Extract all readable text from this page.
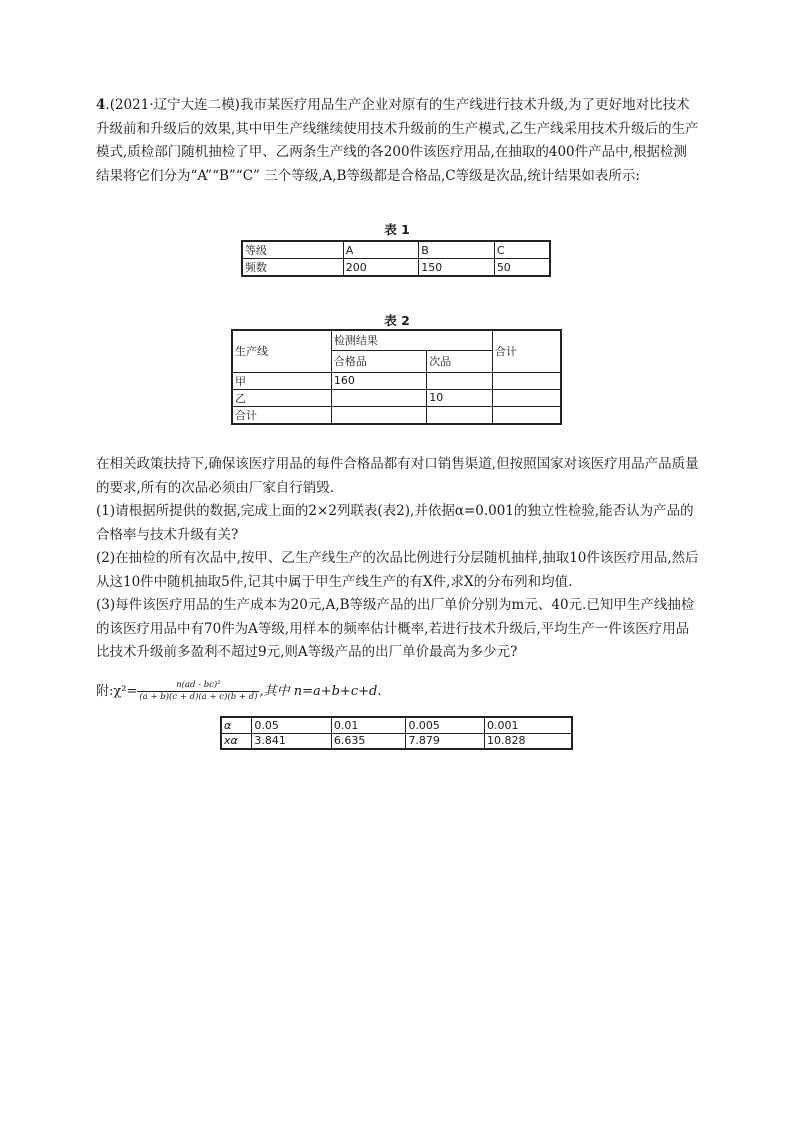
4.(2021·辽宁大连二模)我市某医疗用品生产企业对原有的生产线进行技术升级,为了更好地对比技术升级前和升级后的效果,其中甲生产线继续使用技术升级前的生产模式,乙生产线采用技术升级后的生产模式,质检部门随机抽检了甲、乙两条生产线的各200件该医疗用品,在抽取的400件产品中,根据检测结果将它们分为“A”“B”“C” 三个等级,A,B等级都是合格品,C等级是次品,统计结果如表所示:
表 1
等级	A	B	C
频数	200	150	50
表 2
生产线	检测结果		合计
	合格品	次品	
甲	160		
乙		10	
合计			
在相关政策扶持下,确保该医疗用品的每件合格品都有对口销售渠道,但按照国家对该医疗用品产品质量的要求,所有的次品必须由厂家自行销毁.
(1)请根据所提供的数据,完成上面的2×2列联表(表2),并依据α=0.001的独立性检验,能否认为产品的合格率与技术升级有关?
(2)在抽检的所有次品中,按甲、乙生产线生产的次品比例进行分层随机抽样,抽取10件该医疗用品,然后从这10件中随机抽取5件,记其中属于甲生产线生产的有X件,求X的分布列和均值.
(3)每件该医疗用品的生产成本为20元,A,B等级产品的出厂单价分别为m元、40元.已知甲生产线抽检的该医疗用品中有70件为A等级,用样本的频率估计概率,若进行技术升级后,平均生产一件该医疗用品比技术升级前多盈利不超过9元,则A等级产品的出厂单价最高为多少元?
附:χ²= $\frac{\text{n(ad - bc)²}}{(a + b)(c + d)(a + c)(b + d)}$ ,其中 n=a+b+c+d.
α	0.05	0.01	0.005	0.001
xα	3.841	6.635	7.879	10.828
